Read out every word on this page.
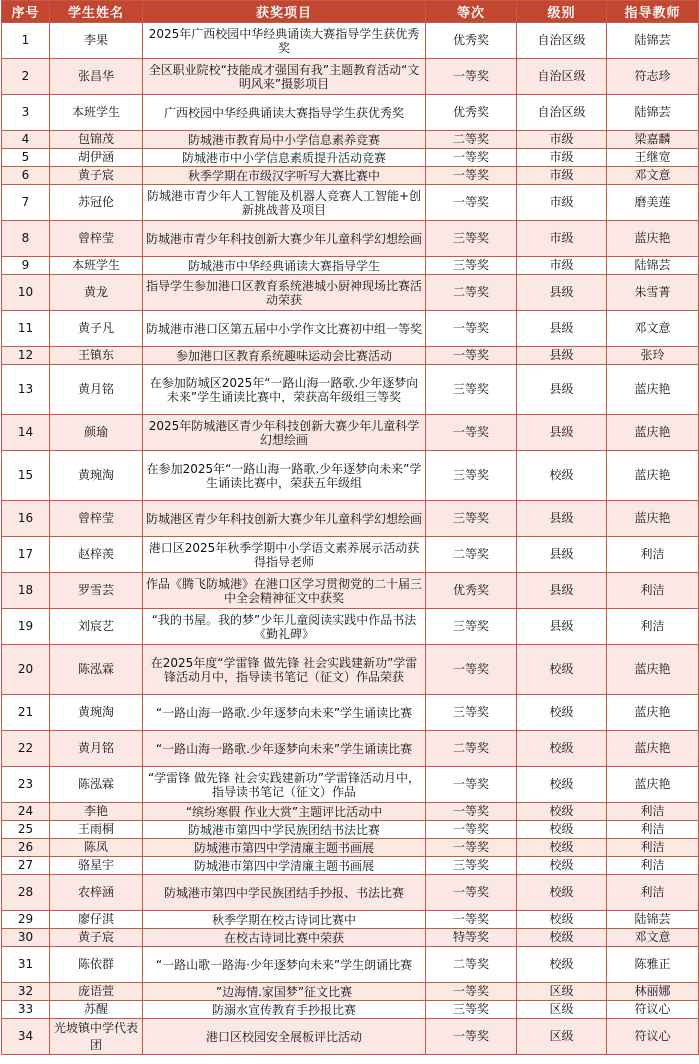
序号	学生姓名	获奖项目	等次	级别	指导教师
1	李果	2025年广西校园中华经典诵读大赛指导学生获优秀奖	优秀奖	自治区级	陆锦芸
2	张昌华	全区职业院校“技能成才强国有我”主题教育活动“文明风来”摄影项目	一等奖	自治区级	符志珍
3	本班学生	广西校园中华经典诵读大赛指导学生获优秀奖	优秀奖	自治区级	陆锦芸
4	包锦茂	防城港市教育局中小学信息素养竞赛	二等奖	市级	梁嘉麟
5	胡伊涵	防城港市中小学信息素质提升活动竞赛	一等奖	市级	王继宽
6	黄子宸	秋季学期在市级汉字听写大赛比赛中	一等奖	市级	邓文意
7	苏冠伦	防城港市青少年人工智能及机器人竞赛人工智能+创新挑战普及项目	一等奖	市级	磨美莲
8	曾梓莹	防城港市青少年科技创新大赛少年儿童科学幻想绘画	三等奖	市级	蓝庆艳
9	本班学生	防城港市中华经典诵读大赛指导学生	三等奖	市级	陆锦芸
10	黄龙	指导学生参加港口区教育系统港城小厨神现场比赛活动荣获	二等奖	县级	朱雪菁
11	黄子凡	防城港市港口区第五届中小学作文比赛初中组一等奖	一等奖	县级	邓文意
12	王镇东	参加港口区教育系统趣味运动会比赛活动	一等奖	县级	张玲
13	黄月铭	在参加防城区2025年“一路山海一路歌.少年逐梦向未来”学生诵读比赛中，荣获高年级组三等奖	三等奖	县级	蓝庆艳
14	颜瑜	2025年防城港区青少年科技创新大赛少年儿童科学幻想绘画	一等奖	县级	蓝庆艳
15	黄琬淘	在参加2025年“一路山海一路歌.少年逐梦向未来”学生诵读比赛中，荣获五年级组	三等奖	校级	蓝庆艳
16	曾梓莹	防城港区青少年科技创新大赛少年儿童科学幻想绘画	三等奖	县级	蓝庆艳
17	赵梓羡	港口区2025年秋季学期中小学语文素养展示活动获得指导老师	二等奖	县级	利洁
18	罗雪芸	作品《腾飞防城港》在港口区学习贯彻党的二十届三中全会精神征文中获奖	优秀奖	县级	利洁
19	刘宸艺	“我的书屋。我的梦”少年儿童阅读实践中作品书法《勤礼碑》	三等奖	县级	利洁
20	陈泓霖	在2025年度“学雷锋 做先锋 社会实践建新功”学雷锋活动月中，指导读书笔记（征文）作品荣获	一等奖	校级	蓝庆艳
21	黄琬淘	“一路山海一路歌.少年逐梦向未来”学生诵读比赛	三等奖	校级	蓝庆艳
22	黄月铭	“一路山海一路歌.少年逐梦向未来”学生诵读比赛	二等奖	校级	蓝庆艳
23	陈泓霖	“学雷锋 做先锋 社会实践建新功”学雷锋活动月中，指导读书笔记（征文）作品	一等奖	校级	蓝庆艳
24	李艳	“缤纷寒假 作业大赏”主题评比活动中	一等奖	校级	利洁
25	王雨桐	防城港市第四中学民族团结书法比赛	一等奖	校级	利洁
26	陈凤	防城港市第四中学清廉主题书画展	一等奖	校级	利洁
27	骆星宇	防城港市第四中学清廉主题书画展	三等奖	校级	利洁
28	农梓涵	防城港市第四中学民族团结手抄报、书法比赛	一等奖	校级	利洁
29	廖仔淇	秋季学期在校古诗词比赛中	一等奖	校级	陆锦芸
30	黄子宸	在校古诗词比赛中荣获	特等奖	校级	邓文意
31	陈依群	“一路山歌一路海·少年逐梦向未来”学生朗诵比赛	二等奖	校级	陈雅正
32	庞语萱	”边海情.家国梦”征文比赛	一等奖	区级	林丽娜
33	苏醒	防溺水宣传教育手抄报比赛	三等奖	区级	符议心
34	光坡镇中学代表团	港口区校园安全展板评比活动	一等奖	区级	符议心
